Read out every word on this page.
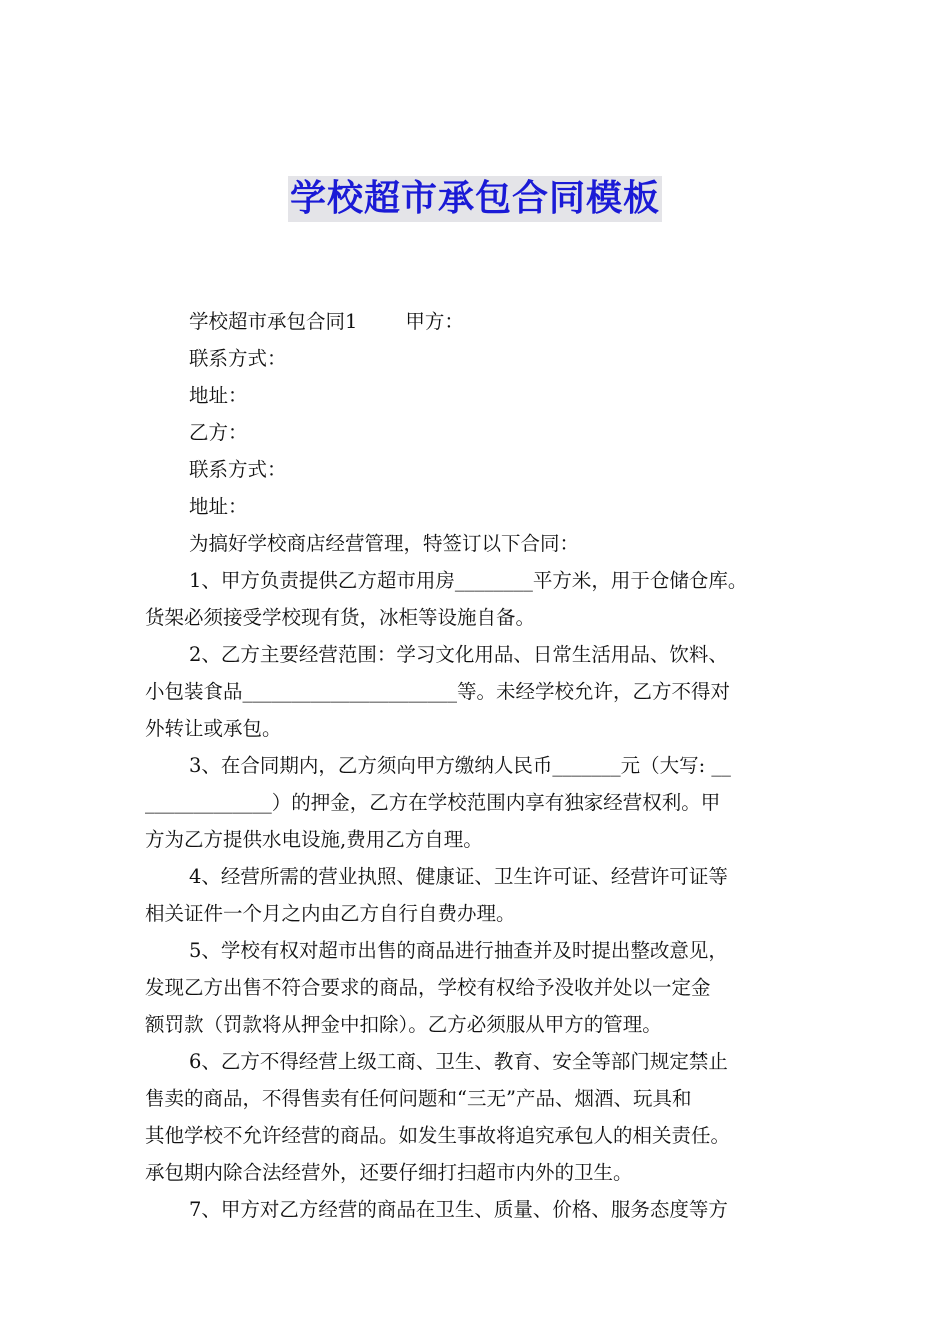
学校超市承包合同模板
学校超市承包合同1 甲方：
联系方式：
地址：
乙方：
联系方式：
地址：
为搞好学校商店经营管理，特签订以下合同：
1、甲方负责提供乙方超市用房________平方米，用于仓储仓库。
货架必须接受学校现有货，冰柜等设施自备。
2、乙方主要经营范围：学习文化用品、日常生活用品、饮料、
小包装食品______________________等。未经学校允许，乙方不得对
外转让或承包。
3、在合同期内，乙方须向甲方缴纳人民币_______元（大写: __
_____________）的押金，乙方在学校范围内享有独家经营权利。甲
方为乙方提供水电设施,费用乙方自理。
4、经营所需的营业执照、健康证、卫生许可证、经营许可证等
相关证件一个月之内由乙方自行自费办理。
5、学校有权对超市出售的商品进行抽查并及时提出整改意见，
发现乙方出售不符合要求的商品，学校有权给予没收并处以一定金
额罚款（罚款将从押金中扣除）。乙方必须服从甲方的管理。
6、乙方不得经营上级工商、卫生、教育、安全等部门规定禁止
售卖的商品，不得售卖有任何问题和“三无”产品、烟酒、玩具和
其他学校不允许经营的商品。如发生事故将追究承包人的相关责任。
承包期内除合法经营外，还要仔细打扫超市内外的卫生。
7、甲方对乙方经营的商品在卫生、质量、价格、服务态度等方
